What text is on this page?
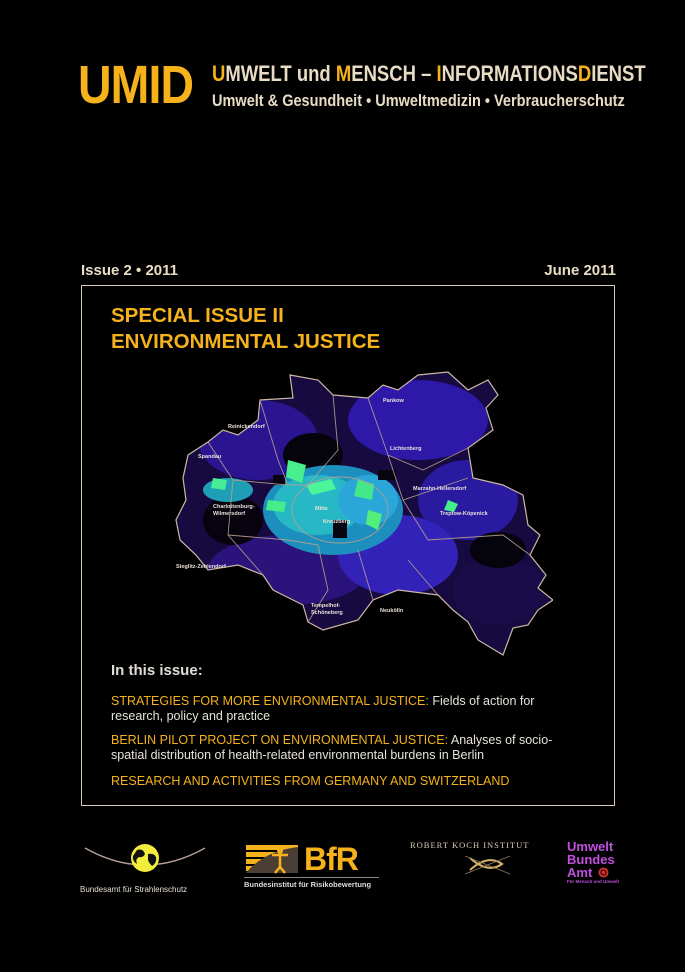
UMID UMWELT und MENSCH – INFORMATIONSDIENST
Umwelt & Gesundheit • Umweltmedizin • Verbraucherschutz
Issue 2 • 2011	June 2011
SPECIAL ISSUE II
ENVIRONMENTAL JUSTICE
Reinickendorf
Pankow
Spandau
Lichtenberg
Mitte
Kreuzberg
Marzahn-Hellersdorf
Charlottenburg-
Wilmersdorf
Steglitz-Zehlendorf
Treptow-Köpenick
Neukölln
Tempelhof-
Schöneberg
In this issue:
STRATEGIES FOR MORE ENVIRONMENTAL JUSTICE: Fields of action for research, policy and practice
BERLIN PILOT PROJECT ON ENVIRONMENTAL JUSTICE: Analyses of socio-spatial distribution of health-related environmental burdens in Berlin
RESEARCH AND ACTIVITIES FROM GERMANY AND SWITZERLAND
Bundesamt für Strahlenschutz
BfR
Bundesinstitut für Risikobewertung
ROBERT KOCH INSTITUT	Umwelt
Bundes
Amt
Für Mensch und Umwelt
